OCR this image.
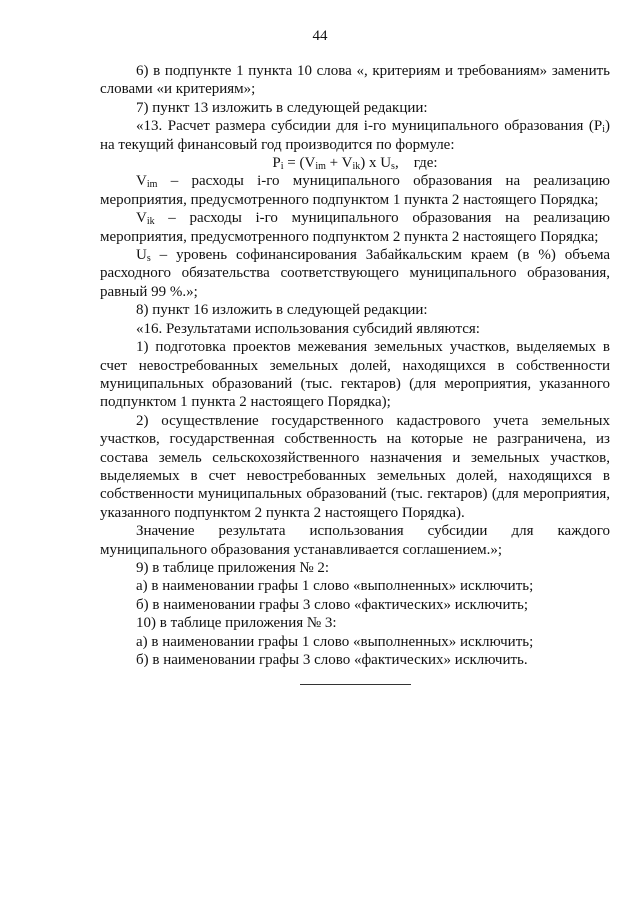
44

6) в подпункте 1 пункта 10 слова «, критериям и требованиям» заменить словами «и критериям»;

7) пункт 13 изложить в следующей редакции:

«13. Расчет размера субсидии для i-го муниципального образования $(P_i)$ на текущий финансовый год производится по формуле:

$P_i = (V_{im} + V_{ik})$ x $U_s$, где:

$V_{im}$ – расходы i-го муниципального образования на реализацию мероприятия, предусмотренного подпунктом 1 пункта 2 настоящего Порядка;

$V_{ik}$ – расходы i-го муниципального образования на реализацию мероприятия, предусмотренного подпунктом 2 пункта 2 настоящего Порядка;

$U_s$ – уровень софинансирования Забайкальским краем (в %) объема расходного обязательства соответствующего муниципального образования, равный 99 %.»;

8) пункт 16 изложить в следующей редакции:

«16. Результатами использования субсидий являются:

1) подготовка проектов межевания земельных участков, выделяемых в счет невостребованных земельных долей, находящихся в собственности муниципальных образований (тыс. гектаров) (для мероприятия, указанного подпунктом 1 пункта 2 настоящего Порядка);

2) осуществление государственного кадастрового учета земельных участков, государственная собственность на которые не разграничена, из состава земель сельскохозяйственного назначения и земельных участков, выделяемых в счет невостребованных земельных долей, находящихся в собственности муниципальных образований (тыс. гектаров) (для мероприятия, указанного подпунктом 2 пункта 2 настоящего Порядка).

Значение результата использования субсидии для каждого муниципального образования устанавливается соглашением.»;

9) в таблице приложения № 2:

а) в наименовании графы 1 слово «выполненных» исключить;

б) в наименовании графы 3 слово «фактических» исключить;

10) в таблице приложения № 3:

а) в наименовании графы 1 слово «выполненных» исключить;

б) в наименовании графы 3 слово «фактических» исключить.
